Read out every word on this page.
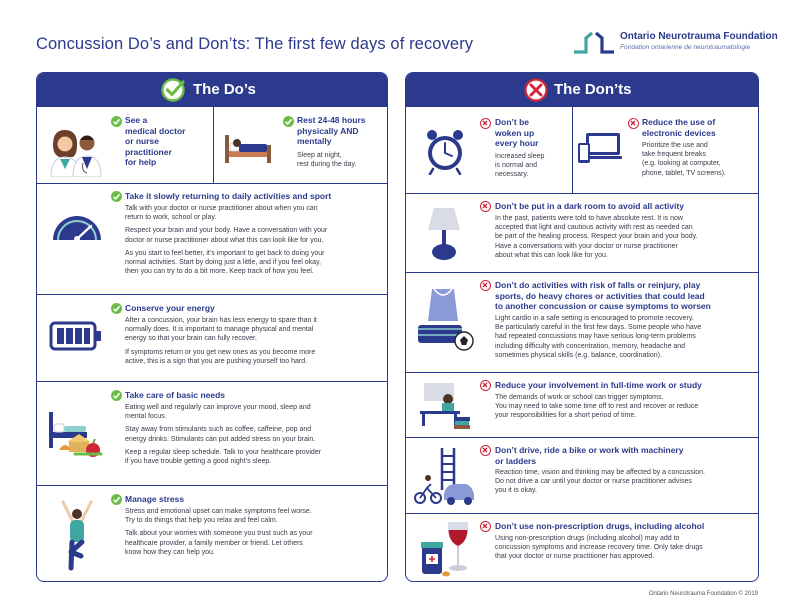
Concussion Do’s and Don’ts: The first few days of recovery	Ontario Neurotrauma Foundation
Fondation ontarienne de neurotraumatologie
The Do’s
See a
medical doctor
or nurse
practitioner
for help
Rest 24-48 hours
physically AND
mentally
Sleep at night,
rest during the day.
Take it slowly returning to daily activities and sport
Talk with your doctor or nurse practitioner about when you can
return to work, school or play.
Respect your brain and your body. Have a conversation with your
doctor or nurse practitioner about what this can look like for you.
As you start to feel better, it’s important to get back to doing your
normal activities. Start by doing just a little, and if you feel okay,
then you can try to do a bit more. Keep track of how you feel.
Conserve your energy
After a concussion, your brain has less energy to spare than it
normally does. It is important to manage physical and mental
energy so that your brain can fully recover.
If symptoms return or you get new ones as you become more
active, this is a sign that you are pushing yourself too hard.
Take care of basic needs
Eating well and regularly can improve your mood, sleep and
mental focus.
Stay away from stimulants such as coffee, caffeine, pop and
energy drinks. Stimulants can put added stress on your brain.
Keep a regular sleep schedule. Talk to your healthcare provider
if you have trouble getting a good night’s sleep.
Manage stress
Stress and emotional upset can make symptoms feel worse.
Try to do things that help you relax and feel calm.
Talk about your worries with someone you trust such as your
healthcare provider, a family member or friend. Let others
know how they can help you.
The Don’ts
Don’t be
woken up
every hour
Increased sleep
is normal and
necessary.
Reduce the use of
electronic devices
Prioritize the use and
take frequent breaks
(e.g. looking at computer,
phone, tablet, TV screens).
Don’t be put in a dark room to avoid all activity
In the past, patients were told to have absolute rest. It is now
accepted that light and cautious activity with rest as needed can
be part of the healing process. Respect your brain and your body.
Have a conversations with your doctor or nurse practitioner
about what this can look like for you.
Don’t do activities with risk of falls or reinjury, play
sports, do heavy chores or activities that could lead
to another concussion or cause symptoms to worsen
Light cardio in a safe setting is encouraged to promote recovery.
Be particularly careful in the first few days. Some people who have
had repeated concussions may have serious long-term problems
including difficulty with concentration, memory, headache and
sometimes physical skills (e.g. balance, coordination).
Reduce your involvement in full-time work or study
The demands of work or school can trigger symptoms.
You may need to take some time off to rest and recover or reduce
your responsibilities for a short period of time.
Don’t drive, ride a bike or work with machinery
or ladders
Reaction time, vision and thinking may be affected by a concussion.
Do not drive a car until your doctor or nurse practitioner advises
you it is okay.
Don’t use non-prescription drugs, including alcohol
Using non-prescription drugs (including alcohol) may add to
concussion symptoms and increase recovery time. Only take drugs
that your doctor or nurse practitioner has approved.
Ontario Neurotrauma Foundation © 2019
